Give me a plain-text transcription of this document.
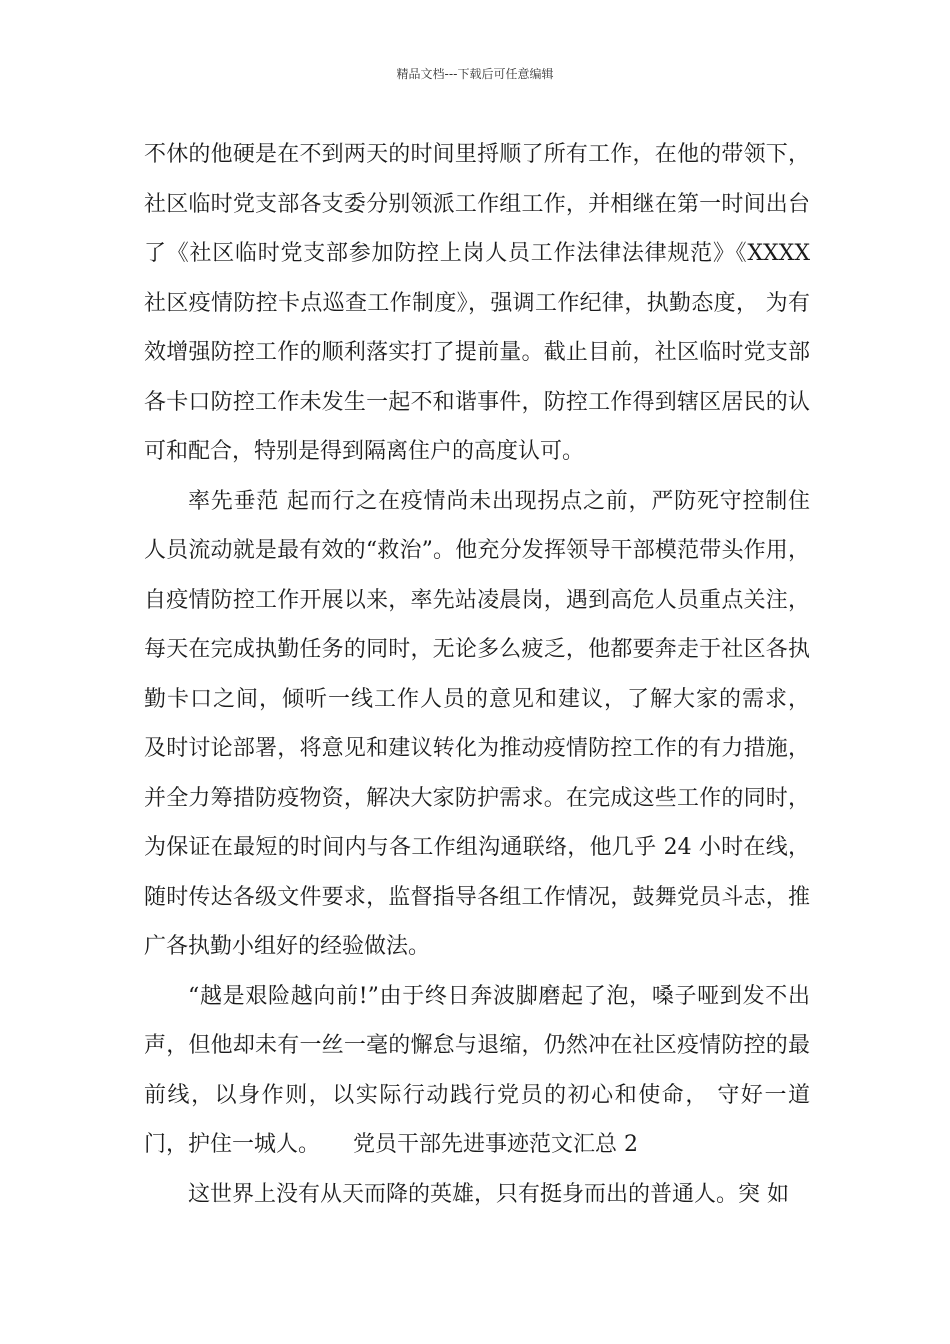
精品文档---下载后可任意编辑

不休的他硬是在不到两天的时间里捋顺了所有工作，在他的带领下，社区临时党支部各支委分别领派工作组工作，并相继在第一时间出台了《社区临时党支部参加防控上岗人员工作法律法律规范》《XXXX 社区疫情防控卡点巡查工作制度》，强调工作纪律，执勤态度， 为有效增强防控工作的顺利落实打了提前量。截止目前，社区临时党支部各卡口防控工作未发生一起不和谐事件，防控工作得到辖区居民的认可和配合，特别是得到隔离住户的高度认可。

率先垂范 起而行之在疫情尚未出现拐点之前，严防死守控制住人员流动就是最有效的“救治”。他充分发挥领导干部模范带头作用，自疫情防控工作开展以来，率先站凌晨岗，遇到高危人员重点关注，每天在完成执勤任务的同时，无论多么疲乏，他都要奔走于社区各执勤卡口之间，倾听一线工作人员的意见和建议，了解大家的需求， 及时讨论部署，将意见和建议转化为推动疫情防控工作的有力措施，并全力筹措防疫物资，解决大家防护需求。在完成这些工作的同时，为保证在最短的时间内与各工作组沟通联络，他几乎 24 小时在线，随时传达各级文件要求，监督指导各组工作情况，鼓舞党员斗志，推广各执勤小组好的经验做法。

“越是艰险越向前!”由于终日奔波脚磨起了泡，嗓子哑到发不出声，但他却未有一丝一毫的懈怠与退缩，仍然冲在社区疫情防控的最前线，以身作则，以实际行动践行党员的初心和使命， 守好一道门，护住一城人。　　党员干部先进事迹范文汇总 2

这世界上没有从天而降的英雄，只有挺身而出的普通人。突 如
